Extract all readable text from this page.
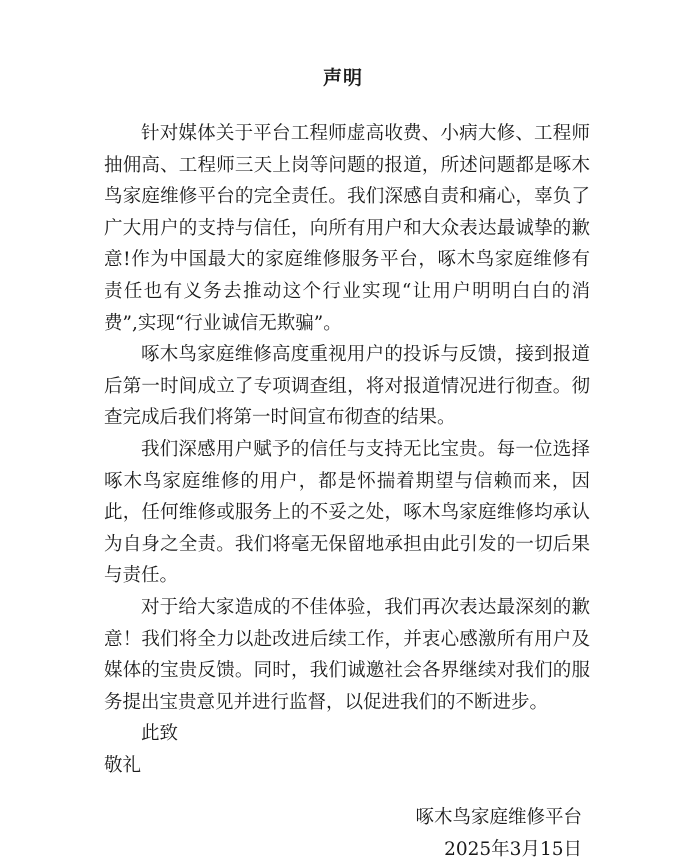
声明

针对媒体关于平台工程师虚高收费、小病大修、工程师抽佣高、工程师三天上岗等问题的报道，所述问题都是啄木鸟家庭维修平台的完全责任。我们深感自责和痛心，辜负了广大用户的支持与信任，向所有用户和大众表达最诚挚的歉意!作为中国最大的家庭维修服务平台，啄木鸟家庭维修有责任也有义务去推动这个行业实现“让用户明明白白的消费”,实现“行业诚信无欺骗”。

啄木鸟家庭维修高度重视用户的投诉与反馈，接到报道后第一时间成立了专项调查组，将对报道情况进行彻查。彻查完成后我们将第一时间宣布彻查的结果。

我们深感用户赋予的信任与支持无比宝贵。每一位选择啄木鸟家庭维修的用户，都是怀揣着期望与信赖而来，因此，任何维修或服务上的不妥之处，啄木鸟家庭维修均承认为自身之全责。我们将毫无保留地承担由此引发的一切后果与责任。

对于给大家造成的不佳体验，我们再次表达最深刻的歉意！我们将全力以赴改进后续工作，并衷心感激所有用户及媒体的宝贵反馈。同时，我们诚邀社会各界继续对我们的服务提出宝贵意见并进行监督，以促进我们的不断进步。

此致

敬礼

啄木鸟家庭维修平台
2025年3月15日
